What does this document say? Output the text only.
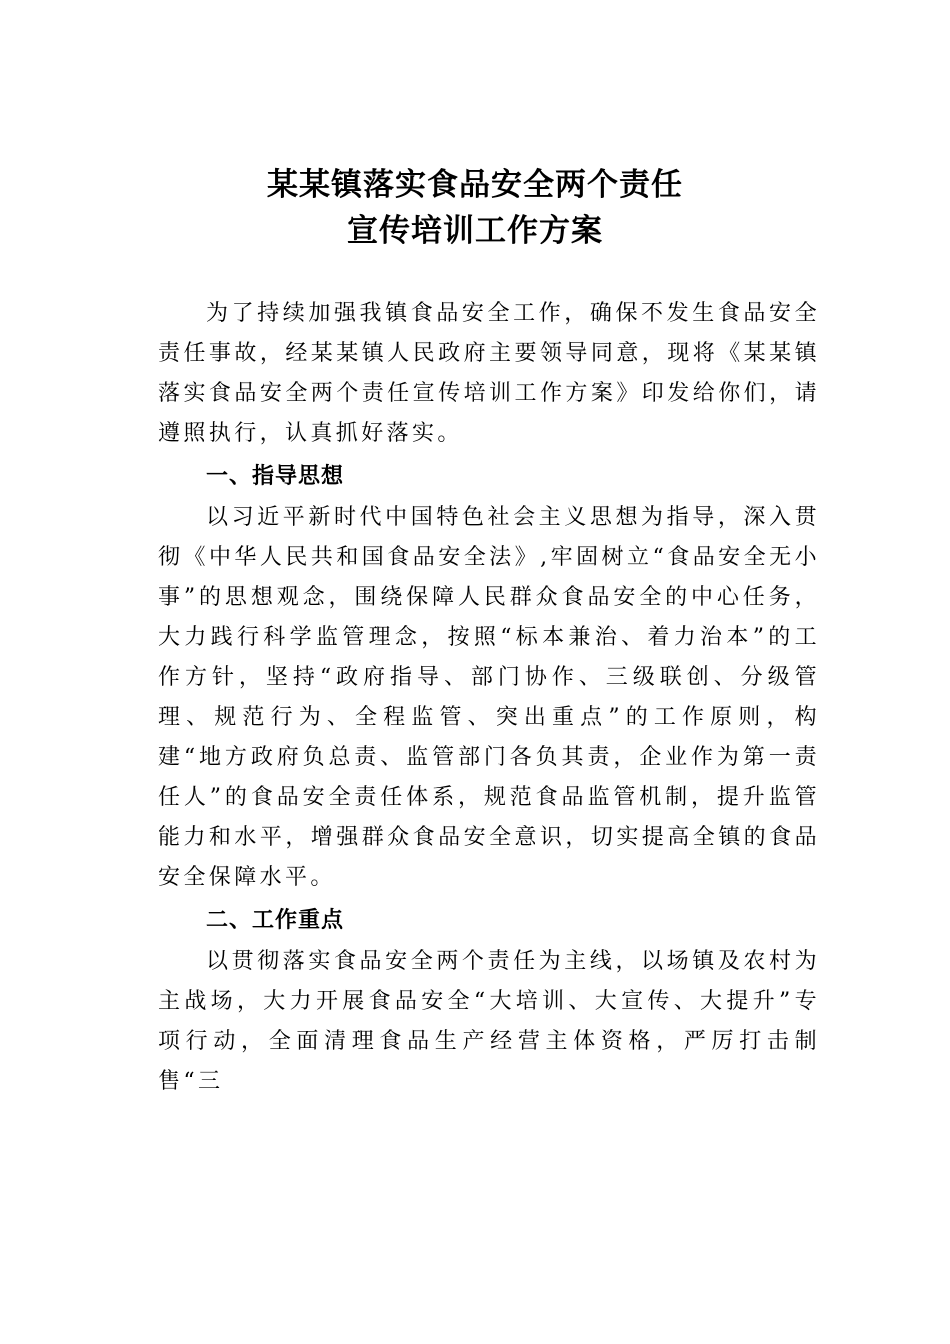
某某镇落实食品安全两个责任
宣传培训工作方案

为了持续加强我镇食品安全工作，确保不发生食品安全责任事故，经某某镇人民政府主要领导同意，现将《某某镇落实食品安全两个责任宣传培训工作方案》印发给你们，请遵照执行，认真抓好落实。

一、指导思想

以习近平新时代中国特色社会主义思想为指导，深入贯彻《中华人民共和国食品安全法》,牢固树立“食品安全无小事”的思想观念，围绕保障人民群众食品安全的中心任务，大力践行科学监管理念，按照“标本兼治、着力治本”的工作方针，坚持“政府指导、部门协作、三级联创、分级管理、规范行为、全程监管、突出重点”的工作原则，构建“地方政府负总责、监管部门各负其责，企业作为第一责任人”的食品安全责任体系，规范食品监管机制，提升监管能力和水平，增强群众食品安全意识，切实提高全镇的食品安全保障水平。

二、工作重点

以贯彻落实食品安全两个责任为主线，以场镇及农村为主战场，大力开展食品安全“大培训、大宣传、大提升”专项行动，全面清理食品生产经营主体资格，严厉打击制售“三
